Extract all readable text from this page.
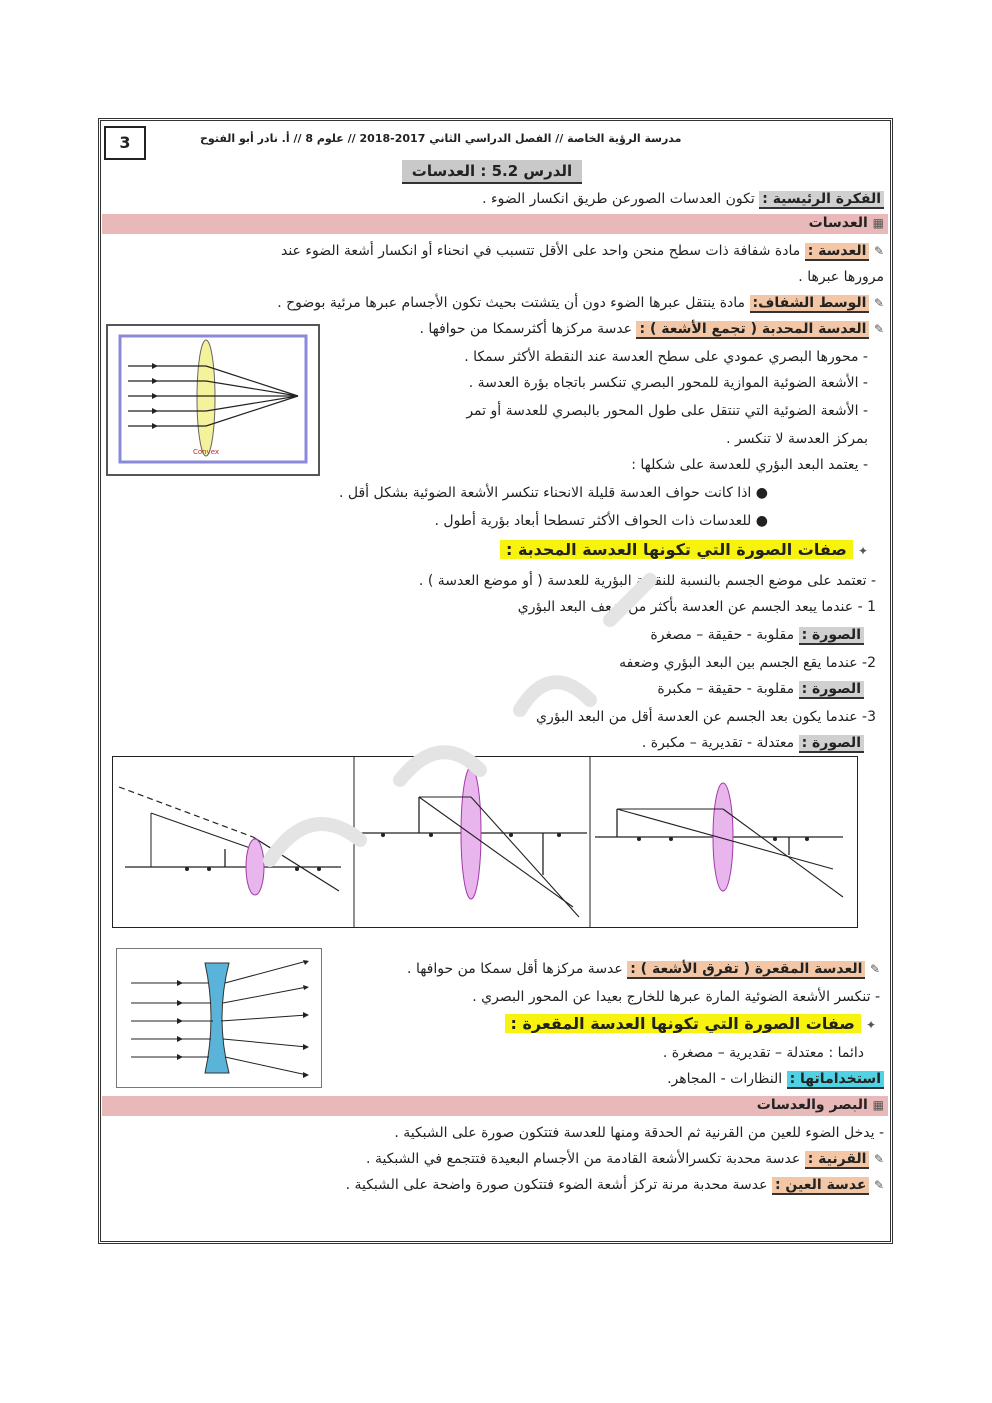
3	مدرسة الرؤية الخاصة // الفصل الدراسي الثاني 2017-2018 // علوم 8 // أ. نادر أبو الفتوح
الدرس 5.2 : العدسات
الفكرة الرئيسية : تكون العدسات الصورعن طريق انكسار الضوء .
▦ العدسات
✎ العدسة : مادة شفافة ذات سطح منحن واحد على الأقل تتسبب في انحناء أو انكسار أشعة الضوء عند
مرورها عبرها .
✎ الوسط الشفاف: مادة ينتقل عبرها الضوء دون أن يتشتت بحيث تكون الأجسام عبرها مرئية بوضوح .
✎ العدسة المحدبة ( تجمع الأشعة ) : عدسة مركزها أكثرسمكا من حوافها .
- محورها البصري عمودي على سطح العدسة عند النقطة الأكثر سمكا .
- الأشعة الضوئية الموازية للمحور البصري تنكسر باتجاه بؤرة العدسة .
- الأشعة الضوئية التي تنتقل على طول المحور بالبصري للعدسة أو تمر
بمركز العدسة لا تنكسر .
- يعتمد البعد البؤري للعدسة على شكلها :
● اذا كانت حواف العدسة قليلة الانحناء تنكسر الأشعة الضوئية بشكل أقل .
● للعدسات ذات الحواف الأكثر تسطحا أبعاد بؤرية أطول .
Convex
✦ صفات الصورة التي تكونها العدسة المحدبة :
- تعتمد على موضع الجسم بالنسبة للنقطة البؤرية للعدسة ( أو موضع العدسة ) .
1 - عندما يبعد الجسم عن العدسة بأكثر من ضعف البعد البؤري
الصورة : مقلوبة - حقيقة – مصغرة
2- عندما يقع الجسم بين البعد البؤري وضعفه
الصورة : مقلوبة - حقيقة – مكبرة
3- عندما يكون بعد الجسم عن العدسة أقل من البعد البؤري
الصورة : معتدلة - تقديرية – مكبرة .
✎ العدسة المقعرة ( تفرق الأشعة ) : عدسة مركزها أقل سمكا من حوافها .
- تنكسر الأشعة الضوئية المارة عبرها للخارج بعيدا عن المحور البصري .
✦ صفات الصورة التي تكونها العدسة المقعرة :
دائما : معتدلة – تقديرية – مصغرة .
استخداماتها : النظارات - المجاهر.
▦ البصر والعدسات
- يدخل الضوء للعين من القرنية ثم الحدقة ومنها للعدسة فتتكون صورة على الشبكية .
✎ القرنية : عدسة محدبة تكسرالأشعة القادمة من الأجسام البعيدة فتتجمع في الشبكية .
✎ عدسة العين : عدسة محدبة مرنة تركز أشعة الضوء فتتكون صورة واضحة على الشبكية .
